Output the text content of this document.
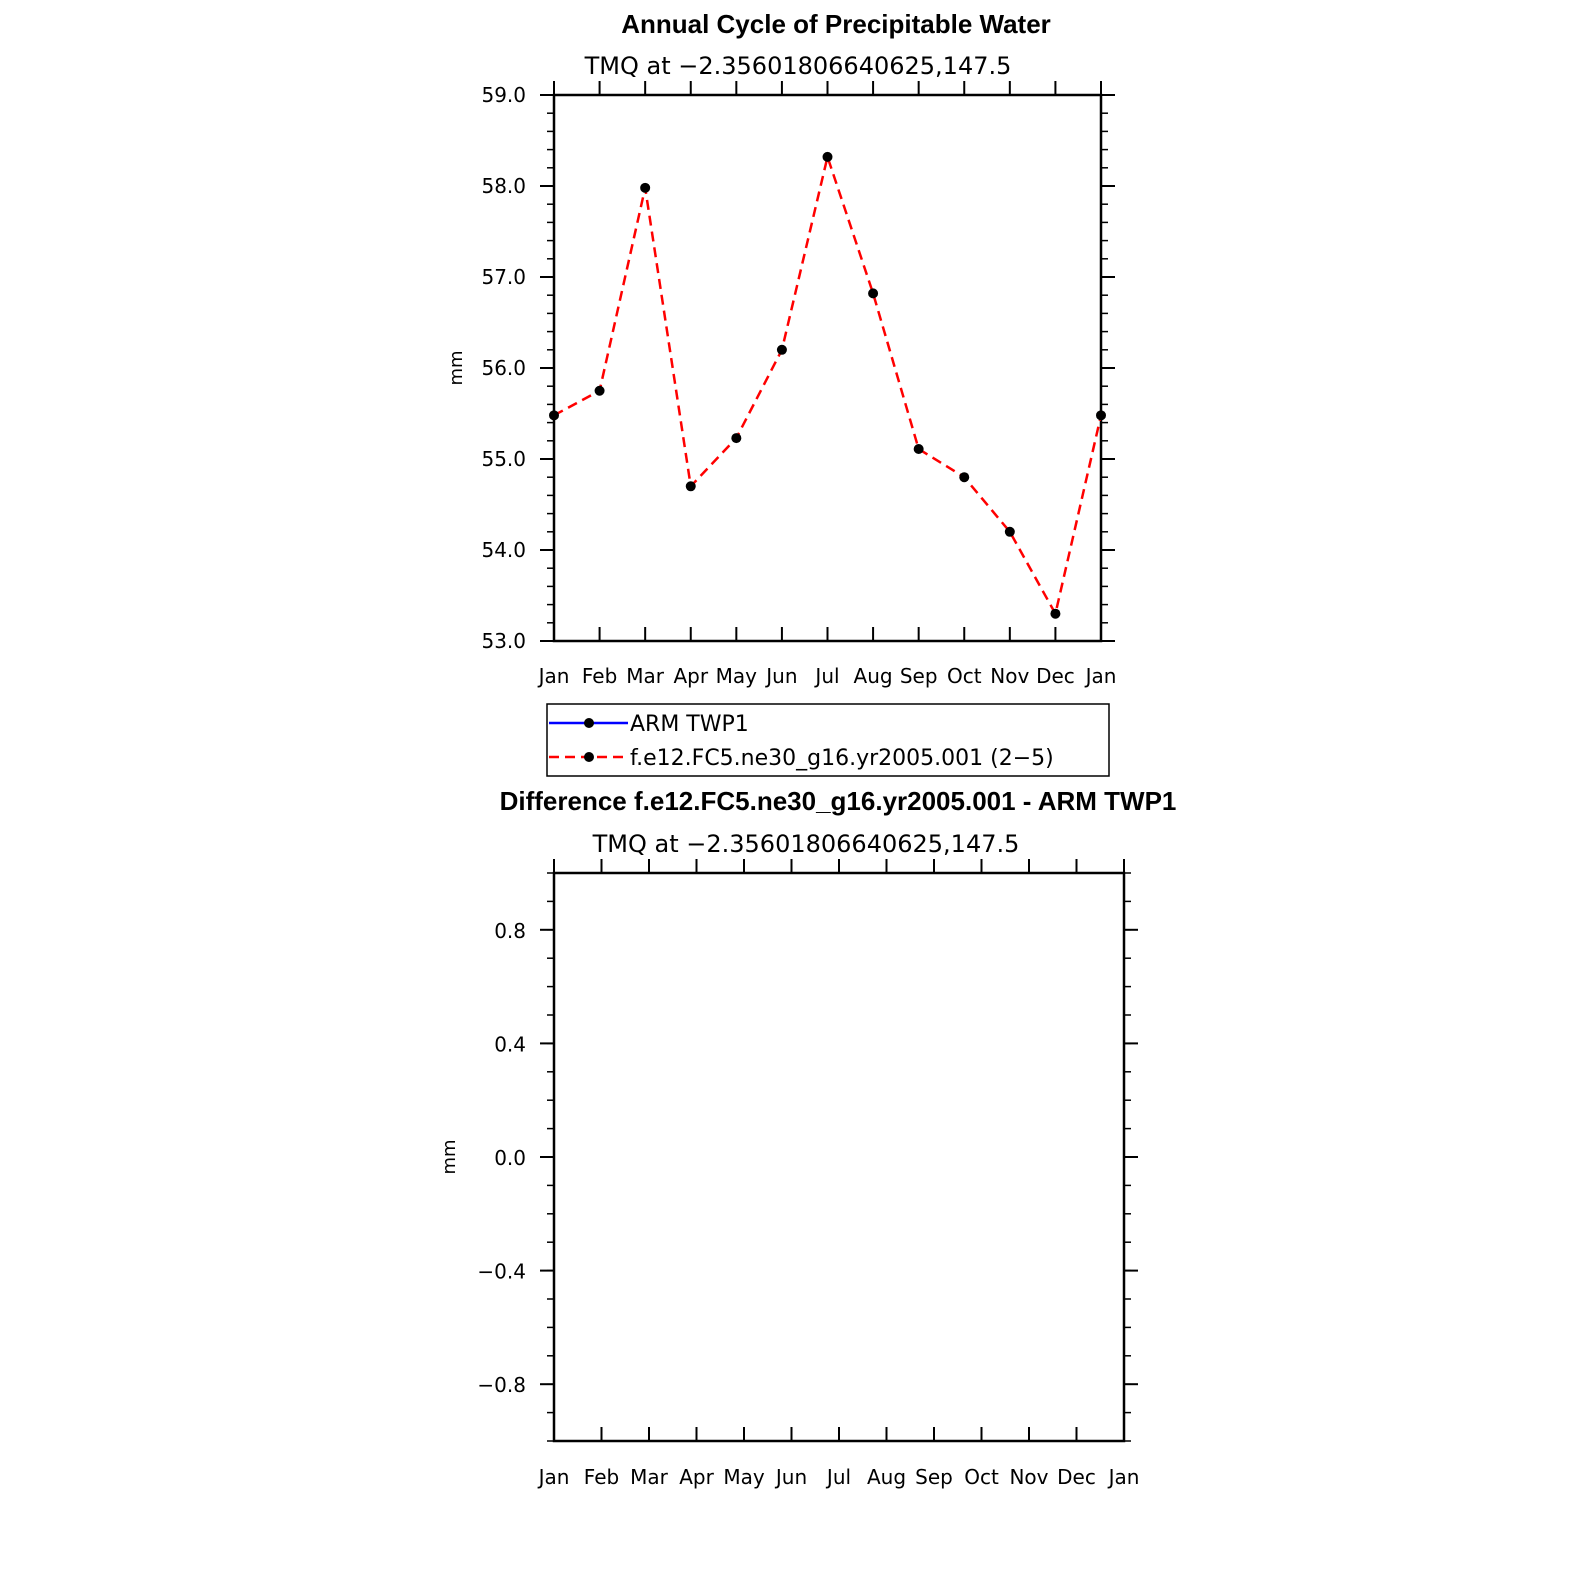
Annual Cycle of Precipitable Water
TMQ at −2.35601806640625,147.5
mm
53.0
54.0
55.0
56.0
57.0
58.0
59.0
Jan Feb Mar Apr May Jun Jul Aug Sep Oct Nov Dec Jan
ARM TWP1
f.e12.FC5.ne30_g16.yr2005.001 (2−5)
Difference f.e12.FC5.ne30_g16.yr2005.001 - ARM TWP1
TMQ at −2.35601806640625,147.5
mm
−0.8
−0.4
0.0
0.4
0.8
Jan Feb Mar Apr May Jun Jul Aug Sep Oct Nov Dec Jan
